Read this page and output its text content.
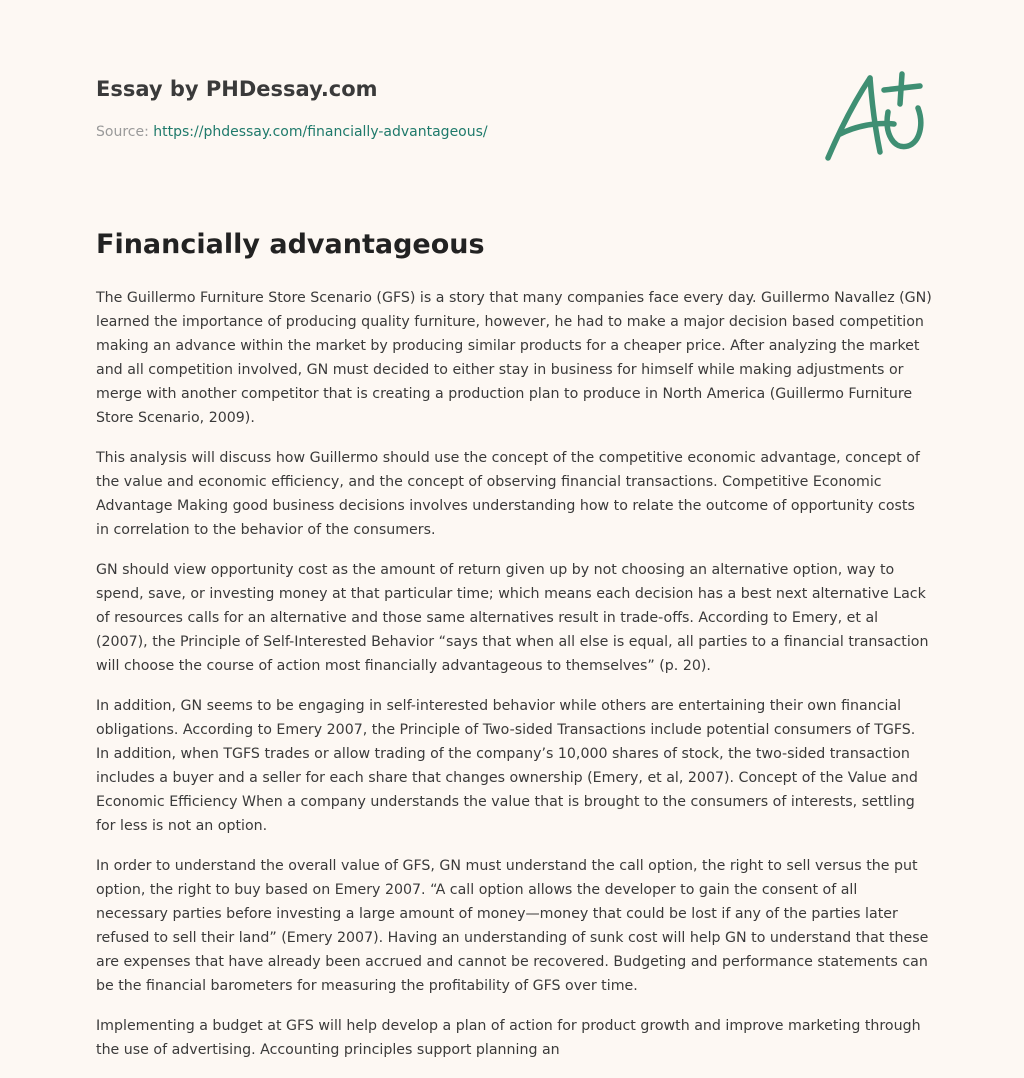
Essay by PHDessay.com
Source: https://phdessay.com/financially-advantageous/
Financially advantageous

The Guillermo Furniture Store Scenario (GFS) is a story that many companies face every day. Guillermo Navallez (GN) learned the importance of producing quality furniture, however, he had to make a major decision based competition making an advance within the market by producing similar products for a cheaper price. After analyzing the market and all competition involved, GN must decided to either stay in business for himself while making adjustments or merge with another competitor that is creating a production plan to produce in North America (Guillermo Furniture Store Scenario, 2009).

This analysis will discuss how Guillermo should use the concept of the competitive economic advantage, concept of the value and economic efficiency, and the concept of observing financial transactions. Competitive Economic Advantage Making good business decisions involves understanding how to relate the outcome of opportunity costs in correlation to the behavior of the consumers.

GN should view opportunity cost as the amount of return given up by not choosing an alternative option, way to spend, save, or investing money at that particular time; which means each decision has a best next alternative Lack of resources calls for an alternative and those same alternatives result in trade-offs. According to Emery, et al (2007), the Principle of Self-Interested Behavior “says that when all else is equal, all parties to a financial transaction will choose the course of action most financially advantageous to themselves” (p. 20).

In addition, GN seems to be engaging in self-interested behavior while others are entertaining their own financial obligations. According to Emery 2007, the Principle of Two-sided Transactions include potential consumers of TGFS. In addition, when TGFS trades or allow trading of the company’s 10,000 shares of stock, the two-sided transaction includes a buyer and a seller for each share that changes ownership (Emery, et al, 2007). Concept of the Value and Economic Efficiency When a company understands the value that is brought to the consumers of interests, settling for less is not an option.

In order to understand the overall value of GFS, GN must understand the call option, the right to sell versus the put option, the right to buy based on Emery 2007. “A call option allows the developer to gain the consent of all necessary parties before investing a large amount of money—money that could be lost if any of the parties later refused to sell their land” (Emery 2007). Having an understanding of sunk cost will help GN to understand that these are expenses that have already been accrued and cannot be recovered. Budgeting and performance statements can be the financial barometers for measuring the profitability of GFS over time.

Implementing a budget at GFS will help develop a plan of action for product growth and improve marketing through the use of advertising. Accounting principles support planning an
